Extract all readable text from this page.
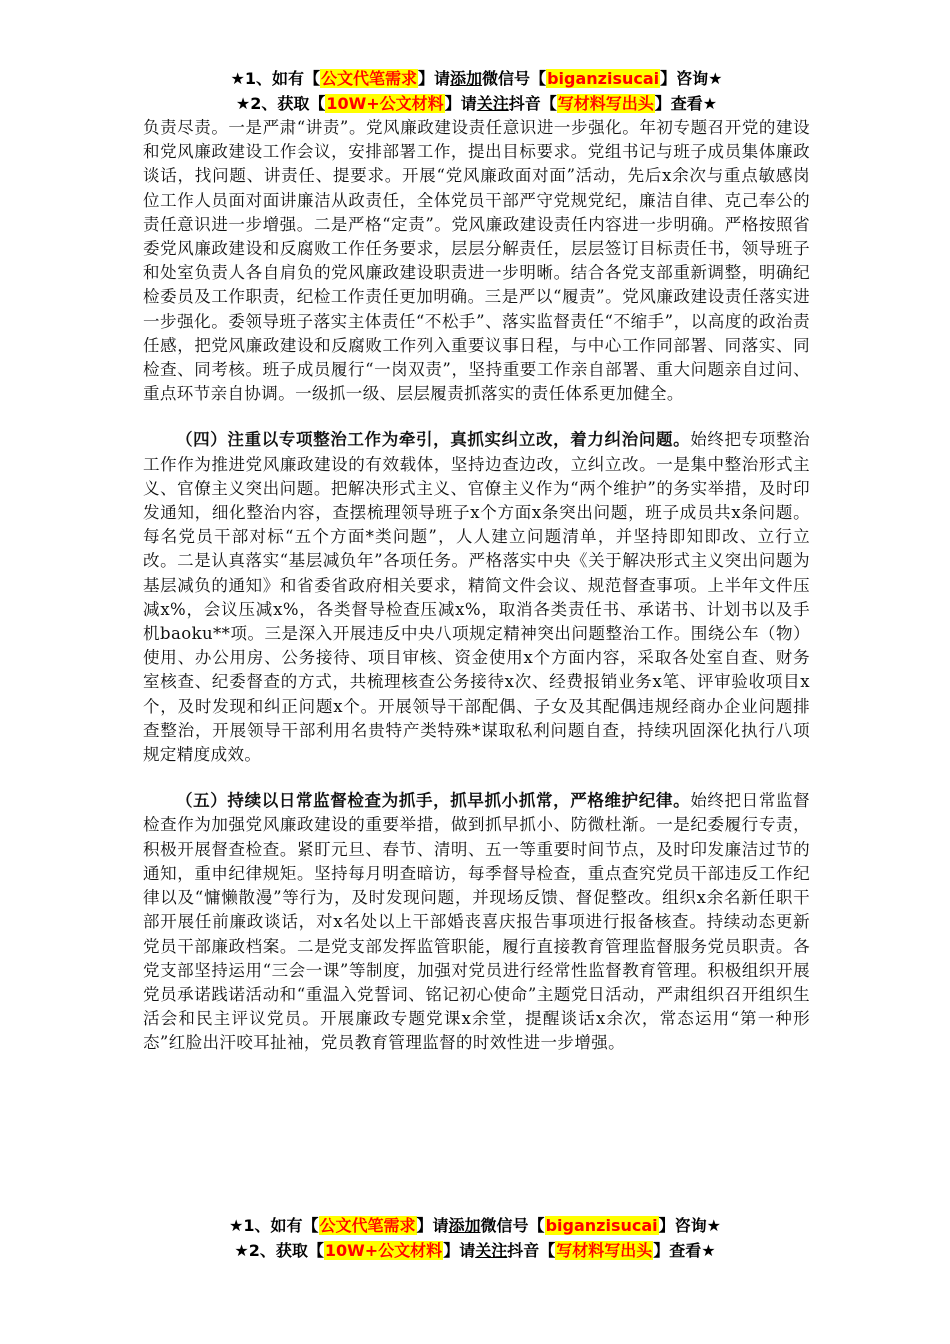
★1、如有【公文代笔需求】请添加微信号【biganzisucai】咨询★
★2、获取【10W+公文材料】请关注抖音【写材料写出头】查看★

负责尽责。一是严肃“讲责”。党风廉政建设责任意识进一步强化。年初专题召开党的建设和党风廉政建设工作会议，安排部署工作，提出目标要求。党组书记与班子成员集体廉政谈话，找问题、讲责任、提要求。开展“党风廉政面对面”活动，先后x余次与重点敏感岗位工作人员面对面讲廉洁从政责任，全体党员干部严守党规党纪，廉洁自律、克己奉公的责任意识进一步增强。二是严格“定责”。党风廉政建设责任内容进一步明确。严格按照省委党风廉政建设和反腐败工作任务要求，层层分解责任，层层签订目标责任书，领导班子和处室负责人各自肩负的党风廉政建设职责进一步明晰。结合各党支部重新调整，明确纪检委员及工作职责，纪检工作责任更加明确。三是严以“履责”。党风廉政建设责任落实进一步强化。委领导班子落实主体责任“不松手”、落实监督责任“不缩手”，以高度的政治责任感，把党风廉政建设和反腐败工作列入重要议事日程，与中心工作同部署、同落实、同检查、同考核。班子成员履行“一岗双责”，坚持重要工作亲自部署、重大问题亲自过问、重点环节亲自协调。一级抓一级、层层履责抓落实的责任体系更加健全。

（四）注重以专项整治工作为牵引，真抓实纠立改，着力纠治问题。始终把专项整治工作作为推进党风廉政建设的有效载体，坚持边查边改，立纠立改。一是集中整治形式主义、官僚主义突出问题。把解决形式主义、官僚主义作为“两个维护”的务实举措，及时印发通知，细化整治内容，查摆梳理领导班子x个方面x条突出问题，班子成员共x条问题。每名党员干部对标“五个方面*类问题”，人人建立问题清单，并坚持即知即改、立行立改。二是认真落实“基层减负年”各项任务。严格落实中央《关于解决形式主义突出问题为基层减负的通知》和省委省政府相关要求，精简文件会议、规范督查事项。上半年文件压减x%，会议压减x%，各类督导检查压减x%，取消各类责任书、承诺书、计划书以及手机baoku**项。三是深入开展违反中央八项规定精神突出问题整治工作。围绕公车（物）使用、办公用房、公务接待、项目审核、资金使用x个方面内容，采取各处室自查、财务室核查、纪委督查的方式，共梳理核查公务接待x次、经费报销业务x笔、评审验收项目x个，及时发现和纠正问题x个。开展领导干部配偶、子女及其配偶违规经商办企业问题排查整治，开展领导干部利用名贵特产类特殊*谋取私利问题自查，持续巩固深化执行八项规定精度成效。

（五）持续以日常监督检查为抓手，抓早抓小抓常，严格维护纪律。始终把日常监督检查作为加强党风廉政建设的重要举措，做到抓早抓小、防微杜渐。一是纪委履行专责，积极开展督查检查。紧盯元旦、春节、清明、五一等重要时间节点，及时印发廉洁过节的通知，重申纪律规矩。坚持每月明查暗访，每季督导检查，重点查究党员干部违反工作纪律以及“慵懒散漫”等行为，及时发现问题，并现场反馈、督促整改。组织x余名新任职干部开展任前廉政谈话，对x名处以上干部婚丧喜庆报告事项进行报备核查。持续动态更新党员干部廉政档案。二是党支部发挥监管职能，履行直接教育管理监督服务党员职责。各党支部坚持运用“三会一课”等制度，加强对党员进行经常性监督教育管理。积极组织开展党员承诺践诺活动和“重温入党誓词、铭记初心使命”主题党日活动，严肃组织召开组织生活会和民主评议党员。开展廉政专题党课x余堂，提醒谈话x余次，常态运用“第一种形态”红脸出汗咬耳扯袖，党员教育管理监督的时效性进一步增强。

★1、如有【公文代笔需求】请添加微信号【biganzisucai】咨询★
★2、获取【10W+公文材料】请关注抖音【写材料写出头】查看★
